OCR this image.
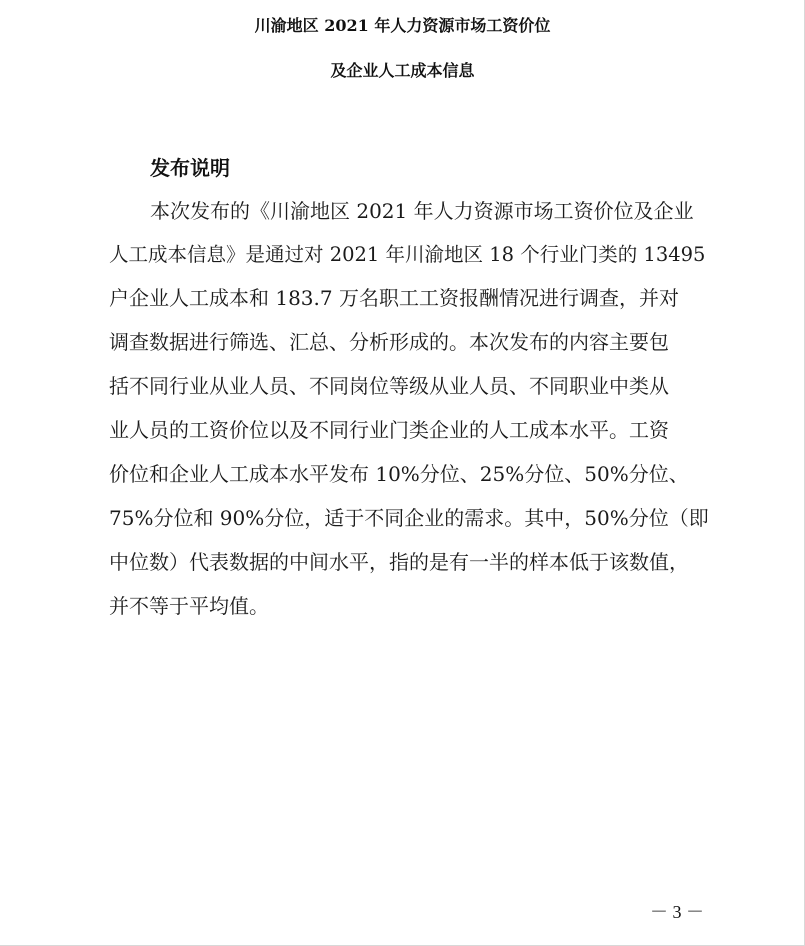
川渝地区 2021 年人力资源市场工资价位
及企业人工成本信息
发布说明
本次发布的《川渝地区 2021 年人力资源市场工资价位及企业
人工成本信息》是通过对 2021 年川渝地区 18 个行业门类的 13495
户企业人工成本和 183.7 万名职工工资报酬情况进行调查，并对
调查数据进行筛选、汇总、分析形成的。本次发布的内容主要包
括不同行业从业人员、不同岗位等级从业人员、不同职业中类从
业人员的工资价位以及不同行业门类企业的人工成本水平。工资
价位和企业人工成本水平发布 10%分位、25%分位、50%分位、
75%分位和 90%分位，适于不同企业的需求。其中，50%分位（即
中位数）代表数据的中间水平，指的是有一半的样本低于该数值，
并不等于平均值。
－ 3 －
